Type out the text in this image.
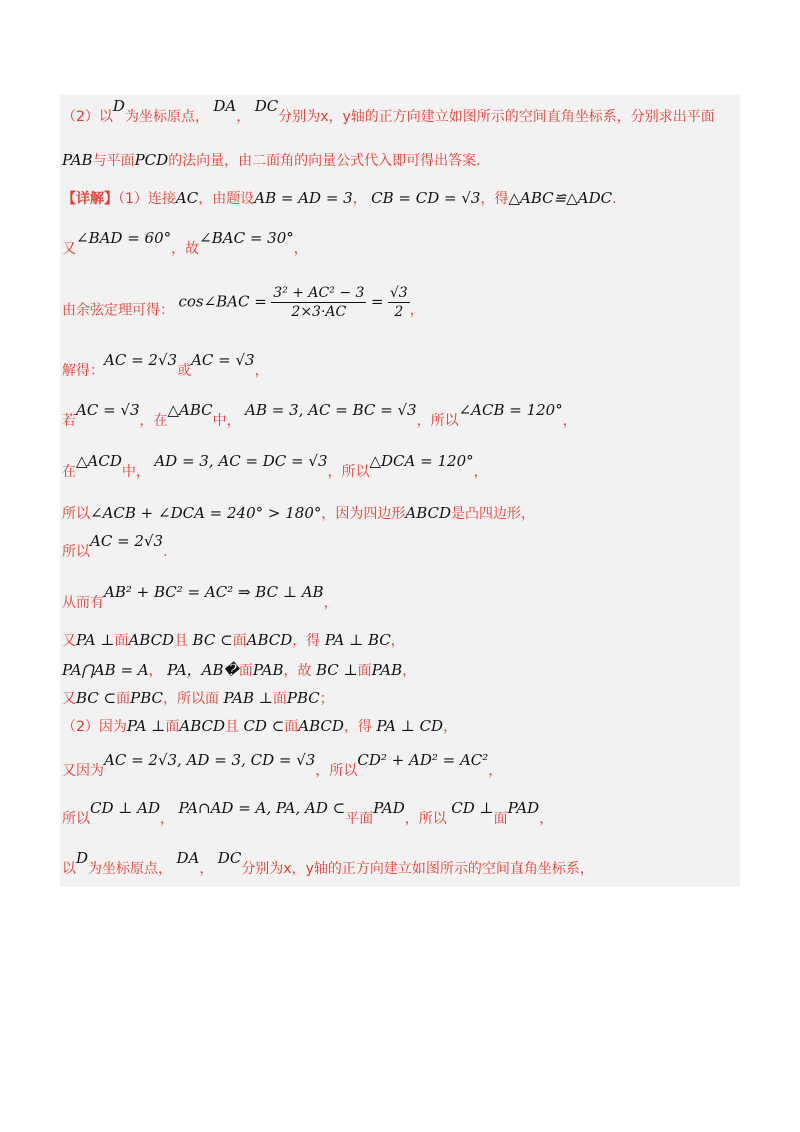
（2）以D为坐标原点， DA， DC分别为x，y轴的正方向建立如图所示的空间直角坐标系，分别求出平面
PAB与平面PCD的法向量，由二面角的向量公式代入即可得出答案.
【详解】（1）连接AC，由题设AB = AD = 3， CB = CD = √3，得△ABC≌△ADC.
又∠BAD = 60°，故∠BAC = 30°，
由余弦定理可得： cos∠BAC = $\frac{\text{3² + AC² − 3}}{2\times 3\cdot AC} = \frac{√3}{2}$ ，
解得：AC = 2√3或AC = √3，
若AC = √3，在△ABC中， AB = 3, AC = BC = √3，所以∠ACB = 120°，
在△ACD中， AD = 3, AC = DC = √3，所以△DCA = 120°，
所以∠ACB + ∠DCA = 240° > 180°，因为四边形ABCD是凸四边形，
所以AC = 2√3.
从而有AB² + BC² = AC² ⇒ BC ⊥ AB，
又PA ⊥面ABCD且 BC ⊂面ABCD，得 PA ⊥ BC，
PA⋂AB = A， PA，AB�面PAB，故 BC ⊥面PAB，
又BC ⊂面PBC，所以面 PAB ⊥面PBC；
（2）因为PA ⊥面ABCD且 CD ⊂面ABCD，得 PA ⊥ CD，
又因为AC = 2√3, AD = 3, CD = √3，所以CD² + AD² = AC²，
所以CD ⊥ AD， PA∩AD = A, PA, AD ⊂平面PAD，所以 CD ⊥面PAD，
以D为坐标原点， DA， DC分别为x，y轴的正方向建立如图所示的空间直角坐标系，
